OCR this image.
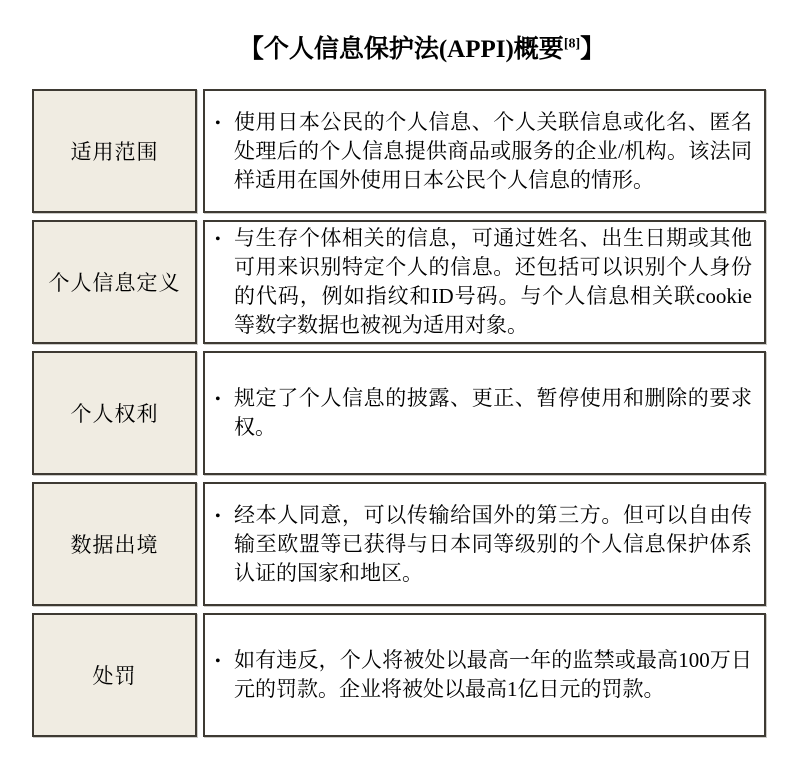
【个人信息保护法(APPI)概要[8]】
适用范围
• 使用日本公民的个人信息、个人关联信息或化名、匿名处理后的个人信息提供商品或服务的企业/机构。该法同样适用在国外使用日本公民个人信息的情形。
个人信息定义
• 与生存个体相关的信息，可通过姓名、出生日期或其他可用来识别特定个人的信息。还包括可以识别个人身份的代码，例如指纹和ID号码。与个人信息相关联cookie等数字数据也被视为适用对象。
个人权利
• 规定了个人信息的披露、更正、暂停使用和删除的要求权。
数据出境
• 经本人同意，可以传输给国外的第三方。但可以自由传输至欧盟等已获得与日本同等级别的个人信息保护体系认证的国家和地区。
处罚
• 如有违反，个人将被处以最高一年的监禁或最高100万日元的罚款。企业将被处以最高1亿日元的罚款。
